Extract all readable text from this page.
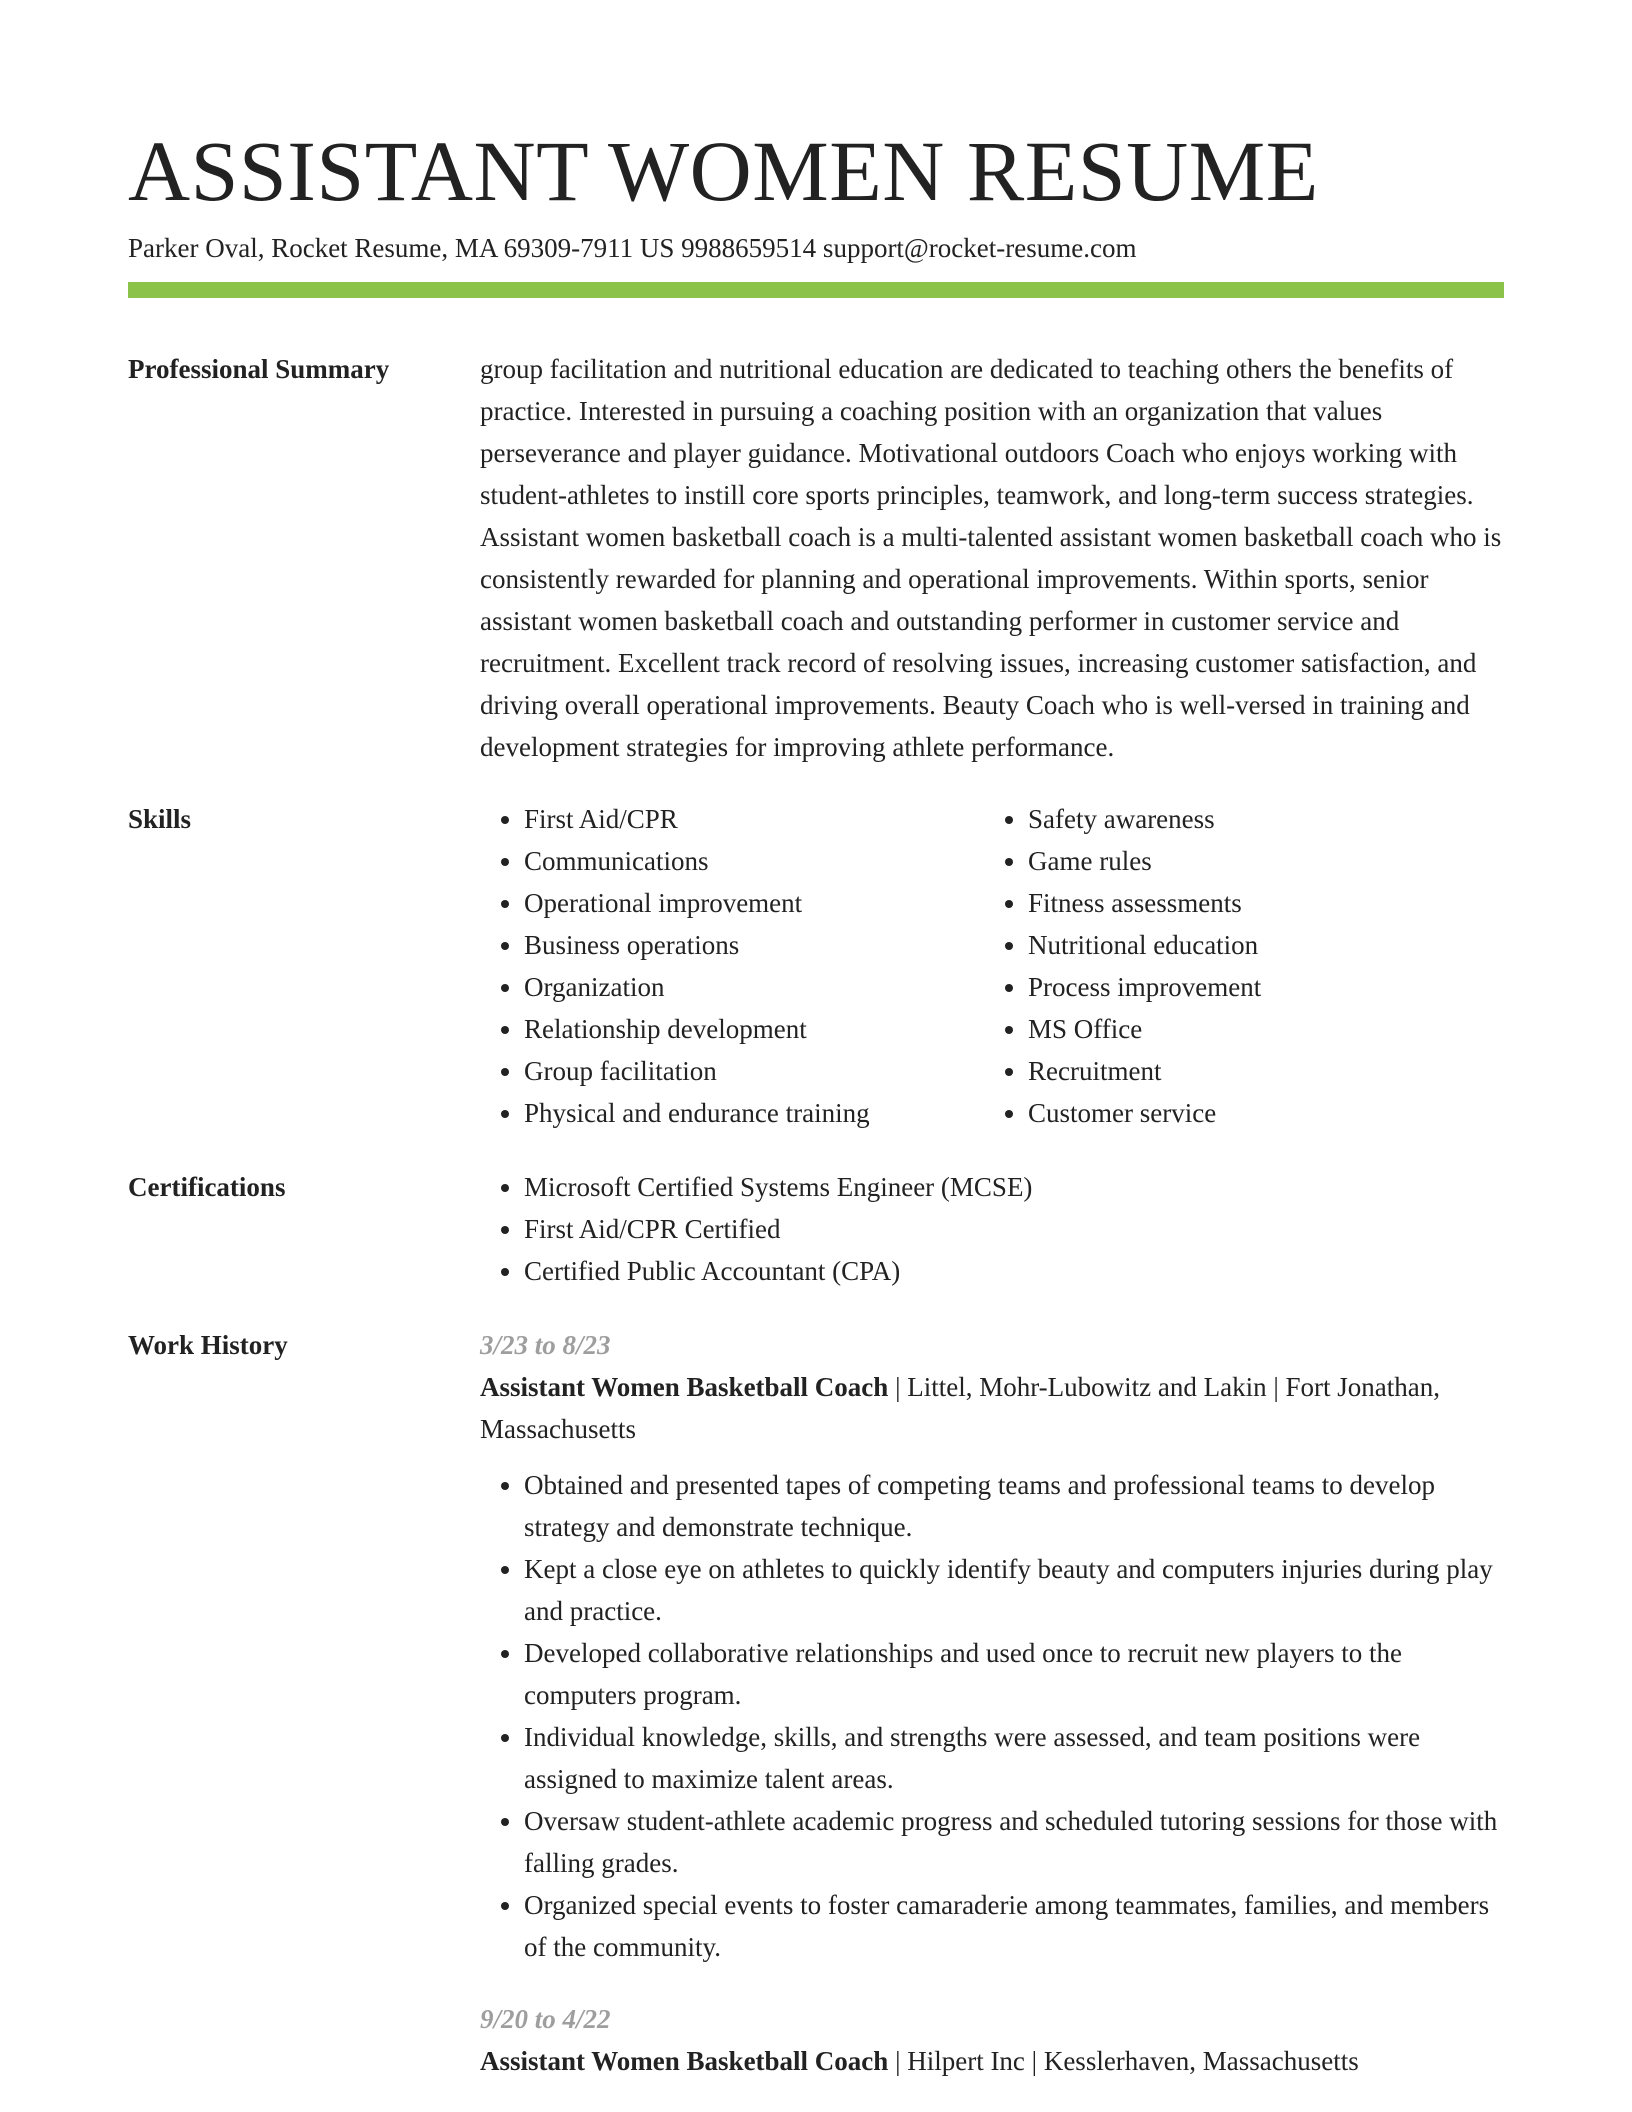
ASSISTANT WOMEN RESUME
Parker Oval, Rocket Resume, MA 69309-7911 US 9988659514 support@rocket-resume.com
Professional Summary	group facilitation and nutritional education are dedicated to teaching others the benefits of practice. Interested in pursuing a coaching position with an organization that values perseverance and player guidance. Motivational outdoors Coach who enjoys working with student-athletes to instill core sports principles, teamwork, and long-term success strategies. Assistant women basketball coach is a multi-talented assistant women basketball coach who is consistently rewarded for planning and operational improvements. Within sports, senior assistant women basketball coach and outstanding performer in customer service and recruitment. Excellent track record of resolving issues, increasing customer satisfaction, and driving overall operational improvements. Beauty Coach who is well-versed in training and development strategies for improving athlete performance.

Skills	• First Aid/CPR
• Communications
• Operational improvement
• Business operations
• Organization
• Relationship development
• Group facilitation
• Physical and endurance training
• Safety awareness
• Game rules
• Fitness assessments
• Nutritional education
• Process improvement
• MS Office
• Recruitment
• Customer service
Certifications	• Microsoft Certified Systems Engineer (MCSE)
• First Aid/CPR Certified
• Certified Public Accountant (CPA)
Work History	3/23 to 8/23
Assistant Women Basketball Coach | Littel, Mohr-Lubowitz and Lakin | Fort Jonathan, Massachusetts
• Obtained and presented tapes of competing teams and professional teams to develop strategy and demonstrate technique.
• Kept a close eye on athletes to quickly identify beauty and computers injuries during play and practice.
• Developed collaborative relationships and used once to recruit new players to the computers program.
• Individual knowledge, skills, and strengths were assessed, and team positions were assigned to maximize talent areas.
• Oversaw student-athlete academic progress and scheduled tutoring sessions for those with falling grades.
• Organized special events to foster camaraderie among teammates, families, and members of the community.
9/20 to 4/22
Assistant Women Basketball Coach | Hilpert Inc | Kesslerhaven, Massachusetts
